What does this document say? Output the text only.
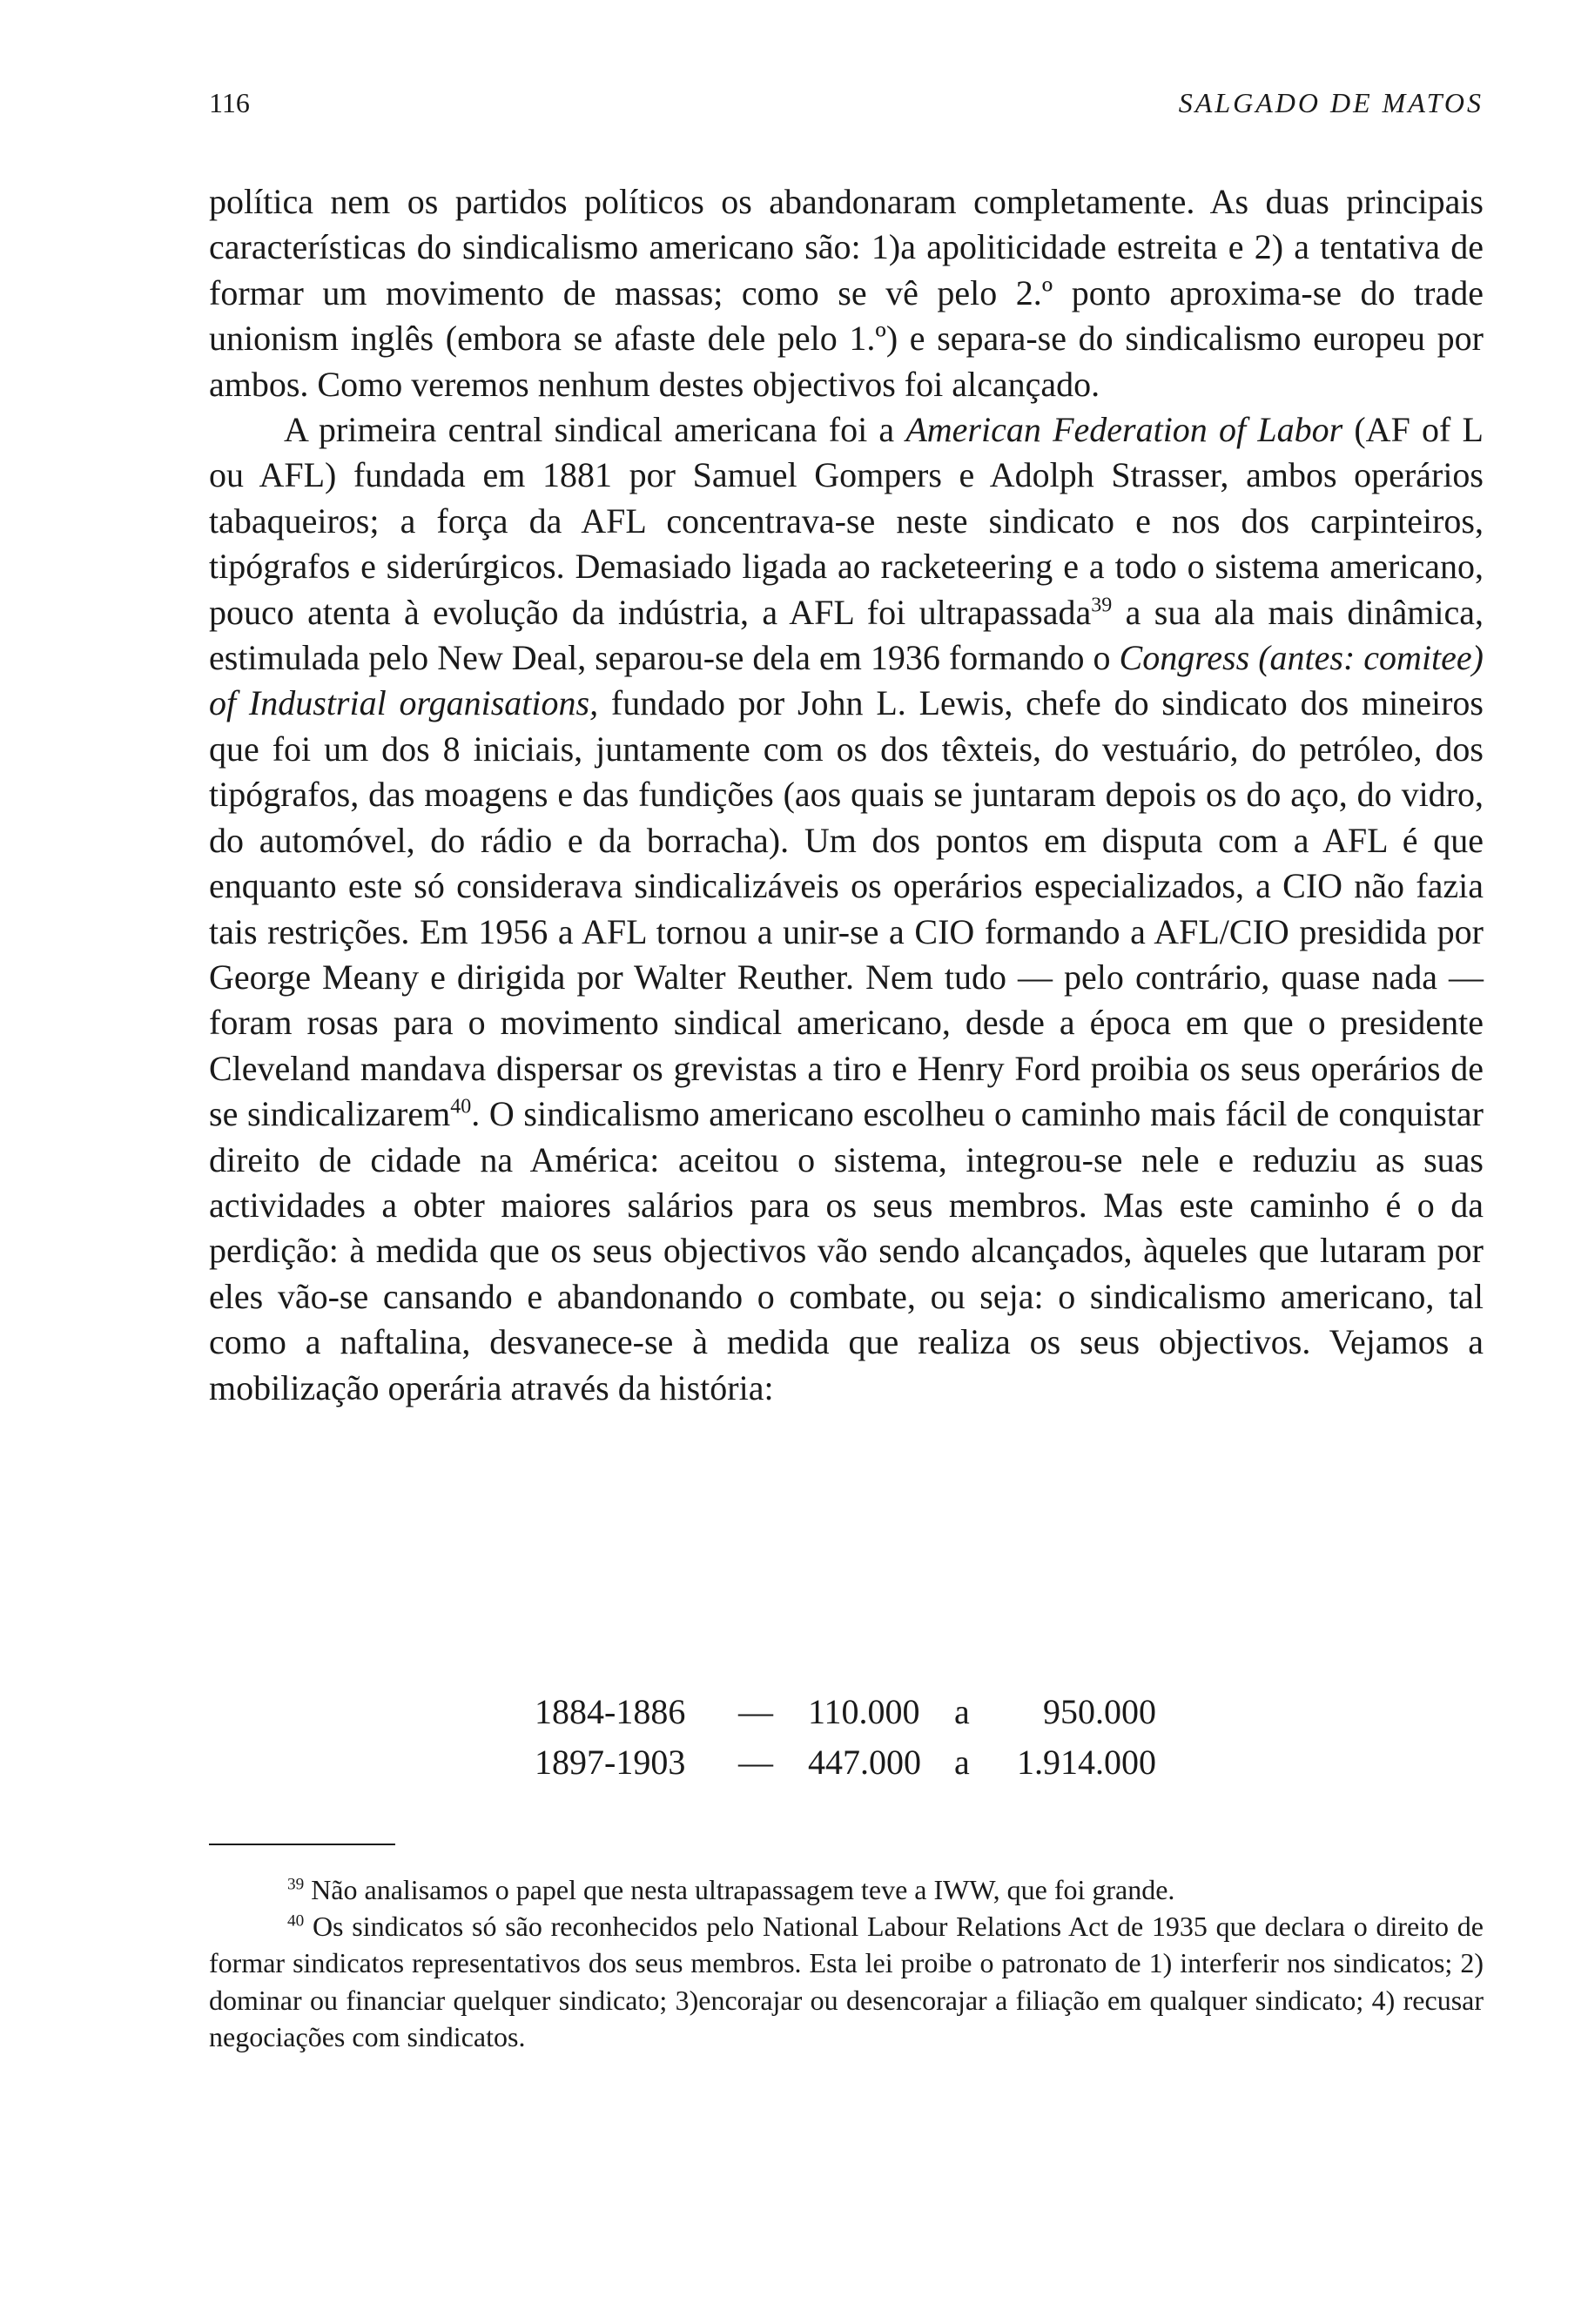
116	SALGADO DE MATOS

política nem os partidos políticos os abandonaram completamente. As duas principais características do sindicalismo americano são: 1)a apoliticidade estreita e 2) a tentativa de formar um movimento de massas; como se vê pelo 2.º ponto aproxima-se do trade unionism inglês (embora se afaste dele pelo 1.º) e separa-se do sindicalismo europeu por ambos. Como veremos nenhum destes objectivos foi alcançado.

A primeira central sindical americana foi a American Federation of Labor (AF of L ou AFL) fundada em 1881 por Samuel Gompers e Adolph Strasser, ambos operários tabaqueiros; a força da AFL concentrava-se neste sindicato e nos dos carpinteiros, tipógrafos e siderúrgicos. Demasiado ligada ao racketeering e a todo o sistema americano, pouco atenta à evolução da indústria, a AFL foi ultrapassada$^{39}$ a sua ala mais dinâmica, estimulada pelo New Deal, separou-se dela em 1936 formando o Congress (antes: comitee) of Industrial organisations, fundado por John L. Lewis, chefe do sindicato dos mineiros que foi um dos 8 iniciais, juntamente com os dos têxteis, do vestuário, do petróleo, dos tipógrafos, das moagens e das fundições (aos quais se juntaram depois os do aço, do vidro, do automóvel, do rádio e da borracha). Um dos pontos em disputa com a AFL é que enquanto este só considerava sindicalizáveis os operários especializados, a CIO não fazia tais restrições. Em 1956 a AFL tornou a unir-se a CIO formando a AFL/CIO presidida por George Meany e dirigida por Walter Reuther. Nem tudo — pelo contrário, quase nada — foram rosas para o movimento sindical americano, desde a época em que o presidente Cleveland mandava dispersar os grevistas a tiro e Henry Ford proibia os seus operários de se sindicalizarem$^{40}$. O sindicalismo americano escolheu o caminho mais fácil de conquistar direito de cidade na América: aceitou o sistema, integrou-se nele e reduziu as suas actividades a obter maiores salários para os seus membros. Mas este caminho é o da perdição: à medida que os seus objectivos vão sendo alcançados, àqueles que lutaram por eles vão-se cansando e abandonando o combate, ou seja: o sindicalismo americano, tal como a naftalina, desvanece-se à medida que realiza os seus objectivos. Vejamos a mobilização operária através da história:

1884-1886	—	110.000	a	950.000
1897-1903	—	447.000	a	1.914.000

$^{39}$ Não analisamos o papel que nesta ultrapassagem teve a IWW, que foi grande.

$^{40}$ Os sindicatos só são reconhecidos pelo National Labour Relations Act de 1935 que declara o direito de formar sindicatos representativos dos seus membros. Esta lei proibe o patronato de 1) interferir nos sindicatos; 2) dominar ou financiar quelquer sindicato; 3)encorajar ou desencorajar a filiação em qualquer sindicato; 4) recusar negociações com sindicatos.
